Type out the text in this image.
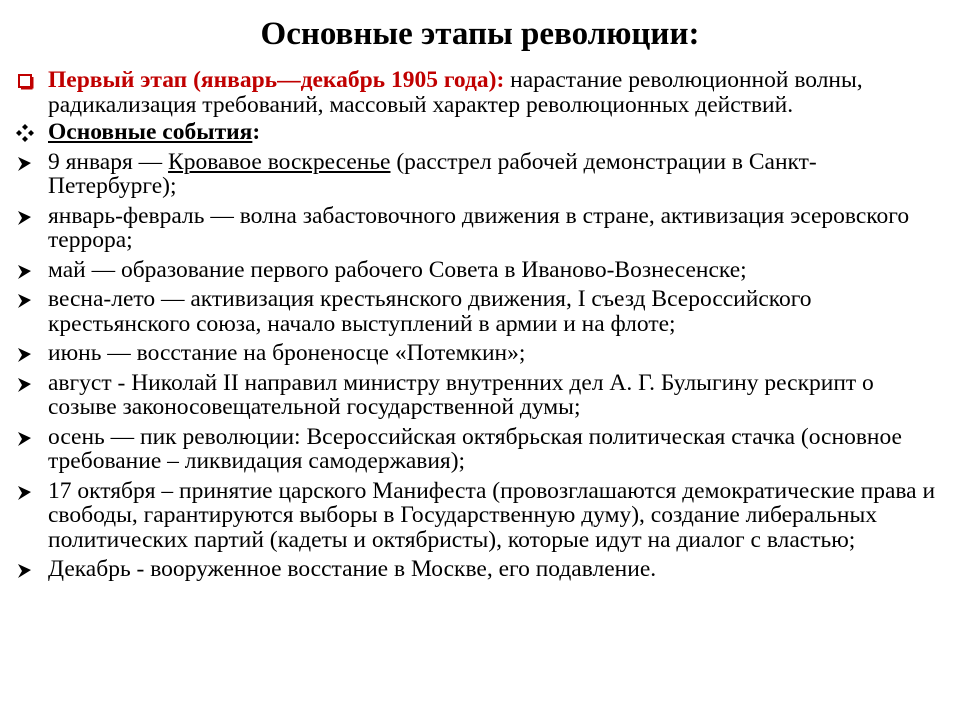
Основные этапы революции:
Первый этап (январь—декабрь 1905 года): нарастание революционной волны, радикализация требований, массовый характер революционных действий.
Основные события:
9 января — Кровавое воскресенье (расстрел рабочей демонстрации в Санкт-Петербурге);
январь-февраль — волна забастовочного движения в стране, активизация эсеровского террора;
май — образование первого рабочего Совета в Иваново-Вознесенске;
весна-лето — активизация крестьянского движения, I съезд Всероссийского крестьянского союза, начало выступлений в армии и на флоте;
июнь — восстание на броненосце «Потемкин»;
август - Николай II направил министру внутренних дел А. Г. Булыгину рескрипт о созыве законосовещательной государственной думы;
осень — пик революции: Всероссийская октябрьская политическая стачка (основное требование – ликвидация самодержавия);
17 октября – принятие царского Манифеста (провозглашаются демократические права и свободы, гарантируются выборы в Государственную думу), создание либеральных политических партий (кадеты и октябристы), которые идут на диалог с властью;
Декабрь - вооруженное восстание в Москве, его подавление.
